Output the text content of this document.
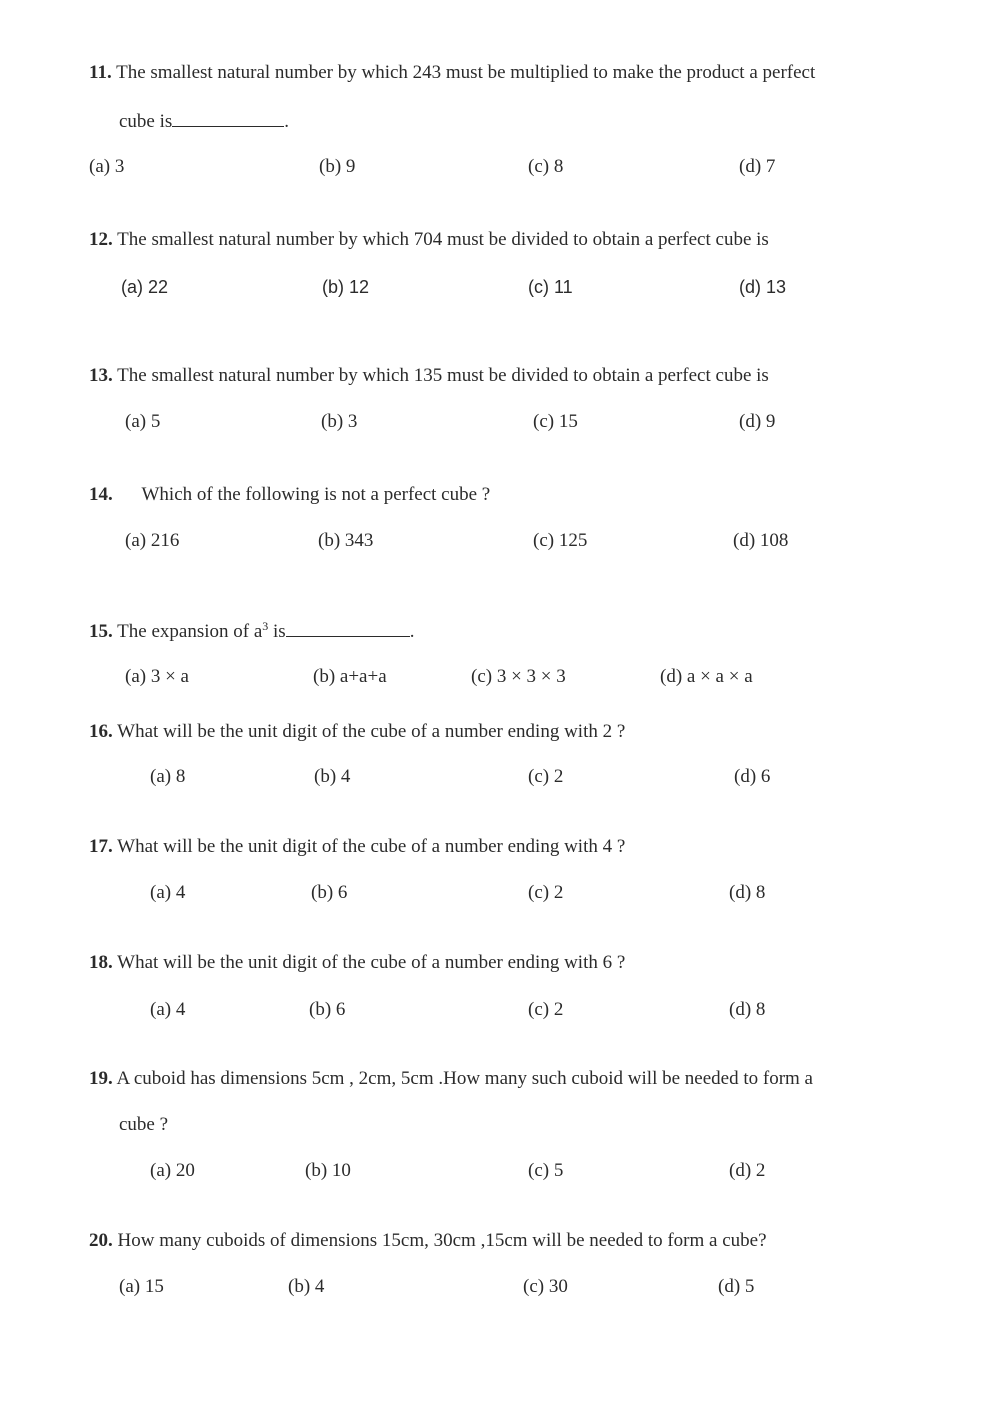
11. The smallest natural number by which 243 must be multiplied to make the product a perfect
cube is	.
(a) 3	(b) 9	(c) 8	(d) 7
12. The smallest natural number by which 704 must be divided to obtain a perfect cube is
(a) 22	(b) 12	(c) 11	(d) 13
13. The smallest natural number by which 135 must be divided to obtain a perfect cube is
(a) 5	(b) 3	(c) 15	(d) 9
14. Which of the following is not a perfect cube ?
(a) 216	(b) 343	(c) 125	(d) 108
15. The expansion of $a^3$ is	.
(a) 3 × a	(b) a+a+a	(c) 3 × 3 × 3	(d) a × a × a
16. What will be the unit digit of the cube of a number ending with 2 ?
(a) 8	(b) 4	(c) 2	(d) 6
17. What will be the unit digit of the cube of a number ending with 4 ?
(a) 4	(b) 6	(c) 2	(d) 8
18. What will be the unit digit of the cube of a number ending with 6 ?
(a) 4	(b) 6	(c) 2	(d) 8
19. A cuboid has dimensions 5cm , 2cm, 5cm .How many such cuboid will be needed to form a
cube ?
(a) 20	(b) 10	(c) 5	(d) 2
20. How many cuboids of dimensions 15cm, 30cm ,15cm will be needed to form a cube?
(a) 15	(b) 4	(c) 30	(d) 5
